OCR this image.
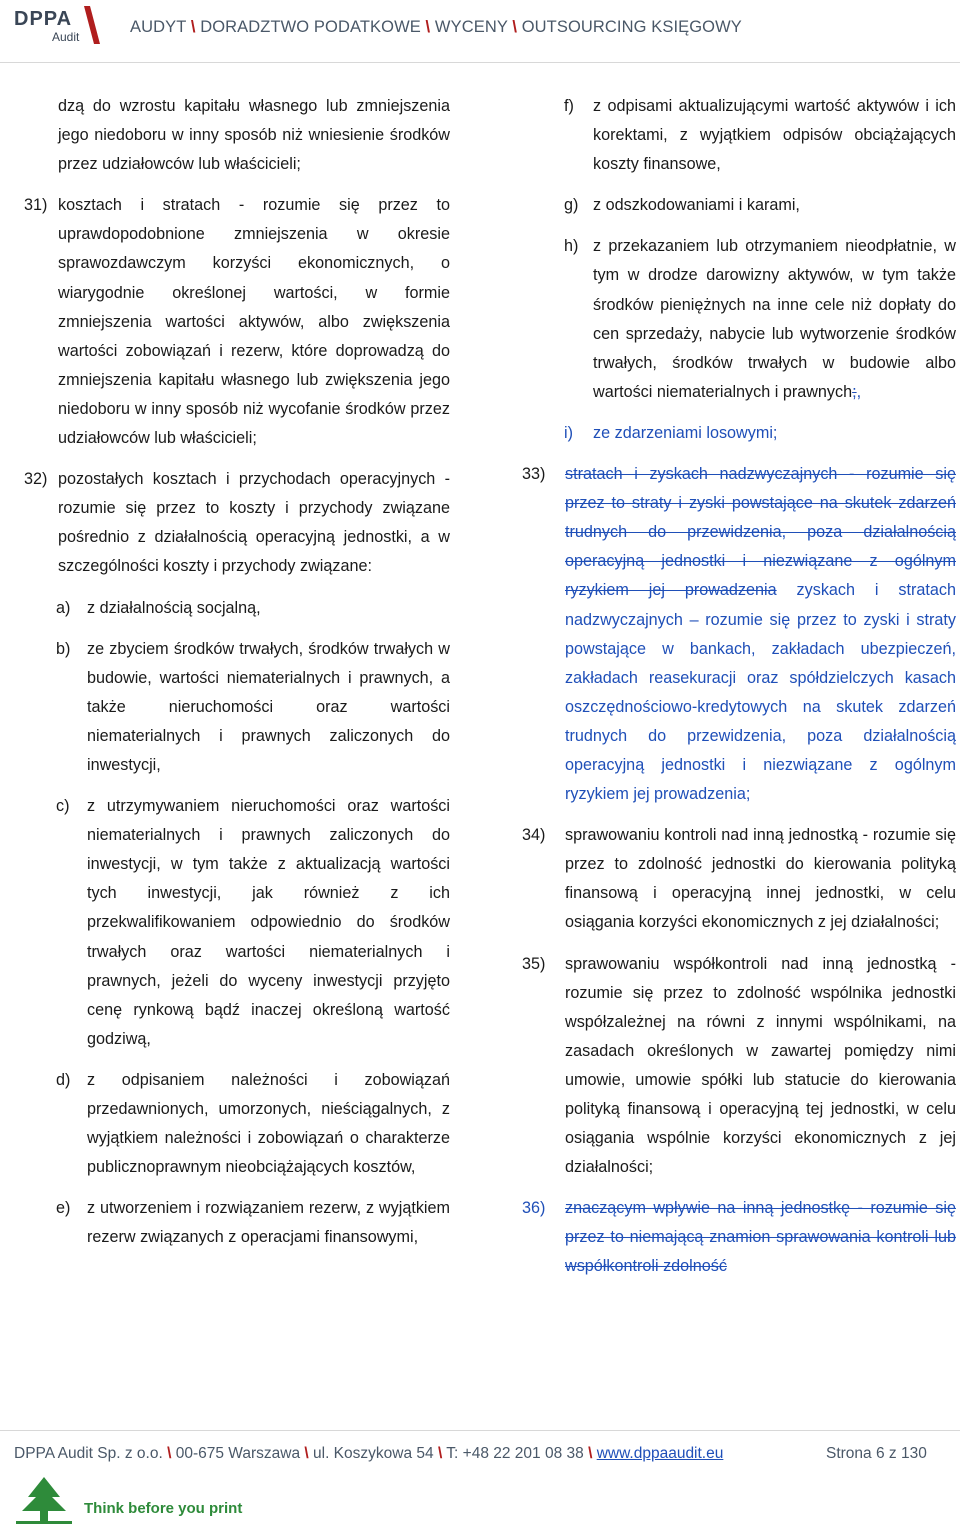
DPPA
Audit
AUDYT \ DORADZTWO PODATKOWE \ WYCENY \ OUTSOURCING KSIĘGOWY

dzą do wzrostu kapitału własnego lub zmniejszenia jego niedoboru w inny sposób niż wniesienie środków przez udziałowców lub właścicieli;

31) kosztach i stratach - rozumie się przez to uprawdopodobnione zmniejszenia w okresie sprawozdawczym korzyści ekonomicznych, o wiarygodnie określonej wartości, w formie zmniejszenia wartości aktywów, albo zwiększenia wartości zobowiązań i rezerw, które doprowadzą do zmniejszenia kapitału własnego lub zwiększenia jego niedoboru w inny sposób niż wycofanie środków przez udziałowców lub właścicieli;

32) pozostałych kosztach i przychodach operacyjnych - rozumie się przez to koszty i przychody związane pośrednio z działalnością operacyjną jednostki, a w szczególności koszty i przychody związane:

a) z działalnością socjalną,

b) ze zbyciem środków trwałych, środków trwałych w budowie, wartości niematerialnych i prawnych, a także nieruchomości oraz wartości niematerialnych i prawnych zaliczonych do inwestycji,

c) z utrzymywaniem nieruchomości oraz wartości niematerialnych i prawnych zaliczonych do inwestycji, w tym także z aktualizacją wartości tych inwestycji, jak również z ich przekwalifikowaniem odpowiednio do środków trwałych oraz wartości niematerialnych i prawnych, jeżeli do wyceny inwestycji przyjęto cenę rynkową bądź inaczej określoną wartość godziwą,

d) z odpisaniem należności i zobowiązań przedawnionych, umorzonych, nieściągalnych, z wyjątkiem należności i zobowiązań o charakterze publicznoprawnym nieobciążających kosztów,

e) z utworzeniem i rozwiązaniem rezerw, z wyjątkiem rezerw związanych z operacjami finansowymi,

f) z odpisami aktualizującymi wartość aktywów i ich korektami, z wyjątkiem odpisów obciążających koszty finansowe,

g) z odszkodowaniami i karami,

h) z przekazaniem lub otrzymaniem nieodpłatnie, w tym w drodze darowizny aktywów, w tym także środków pieniężnych na inne cele niż dopłaty do cen sprzedaży, nabycie lub wytworzenie środków trwałych, środków trwałych w budowie albo wartości niematerialnych i prawnych;,

i) ze zdarzeniami losowymi;

33) stratach i zyskach nadzwyczajnych - rozumie się przez to straty i zyski powstające na skutek zdarzeń trudnych do przewidzenia, poza działalnością operacyjną jednostki i niezwiązane z ogólnym ryzykiem jej prowadzenia zyskach i stratach nadzwyczajnych – rozumie się przez to zyski i straty powstające w bankach, zakładach ubezpieczeń, zakładach reasekuracji oraz spółdzielczych kasach oszczędnościowo-kredytowych na skutek zdarzeń trudnych do przewidzenia, poza działalnością operacyjną jednostki i niezwiązane z ogólnym ryzykiem jej prowadzenia;

34) sprawowaniu kontroli nad inną jednostką - rozumie się przez to zdolność jednostki do kierowania polityką finansową i operacyjną innej jednostki, w celu osiągania korzyści ekonomicznych z jej działalności;

35) sprawowaniu współkontroli nad inną jednostką - rozumie się przez to zdolność wspólnika jednostki współzależnej na równi z innymi wspólnikami, na zasadach określonych w zawartej pomiędzy nimi umowie, umowie spółki lub statucie do kierowania polityką finansową i operacyjną tej jednostki, w celu osiągania wspólnie korzyści ekonomicznych z jej działalności;

36) znaczącym wpływie na inną jednostkę - rozumie się przez to niemającą znamion sprawowania kontroli lub współkontroli zdolność

DPPA Audit Sp. z o.o. \ 00-675 Warszawa \ ul. Koszykowa 54 \ T: +48 22 201 08 38 \ www.dppaaudit.eu	Strona 6 z 130
Think before you print
